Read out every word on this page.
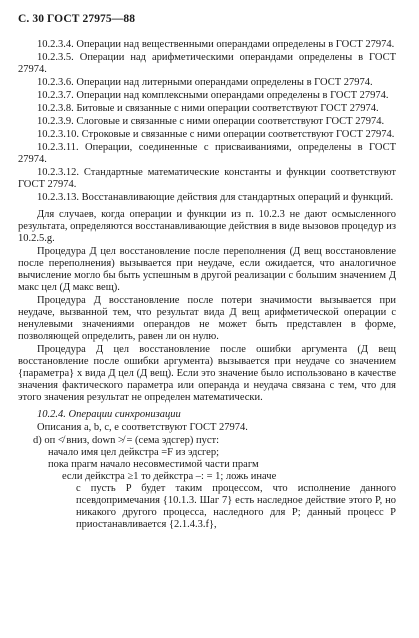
С. 30 ГОСТ 27975—88

10.2.3.4. Операции над вещественными операндами определены в ГОСТ 27974.

10.2.3.5. Операции над арифметическими операндами определены в ГОСТ 27974.

10.2.3.6. Операции над литерными операндами определены в ГОСТ 27974.

10.2.3.7. Операции над комплексными операндами определены в ГОСТ 27974.

10.2.3.8. Битовые и связанные с ними операции соответствуют ГОСТ 27974.

10.2.3.9. Слоговые и связанные с ними операции соответствуют ГОСТ 27974.

10.2.3.10. Строковые и связанные с ними операции соответствуют ГОСТ 27974.

10.2.3.11. Операции, соединенные с присваиваниями, определены в ГОСТ 27974.

10.2.3.12. Стандартные математические константы и функции соответствуют ГОСТ 27974.

10.2.3.13. Восстанавливающие действия для стандартных операций и функций.

Для случаев, когда операции и функции из п. 10.2.3 не дают осмысленного результата, определяются восстанавливающие действия в виде вызовов процедур из 10.2.5.g.

Процедура Д цел восстановление после переполнения (Д вещ восстановление после переполнения) вызывается при неудаче, если ожидается, что аналогичное вычисление могло бы быть успешным в другой реализации с большим значением Д макс цел (Д макс вещ).

Процедура Д восстановление после потери значимости вызывается при неудаче, вызванной тем, что результат вида Д вещ арифметической операции с ненулевыми значениями операндов не может быть представлен в форме, позволяющей определить, равен ли он нулю.

Процедура Д цел восстановление после ошибки аргумента (Д вещ восстановление после ошибки аргумента) вызывается при неудаче со значением {параметра} x вида Д цел (Д вещ). Если это значение было использовано в качестве значения фактического параметра или операнда и неудача связана с тем, что для этого значения результат не определен математически.

10.2.4. Операции синхронизации

Описания a, b, c, e соответствуют ГОСТ 27974.

d) оп ≮ вниз, down ≯ = (сема эдсгер) пуст:

начало имя цел дейкстра =F из эдсгер;

пока прагм начало несовместимой части прагм

если дейкстра ≥1 то дейкстра –: = 1; ложь иначе

с пусть P будет таким процессом, что исполнение данного псевдопримечания {10.1.3. Шаг 7} есть наследное действие этого P, но никакого другого процесса, наследного для P; данный процесс P приостанавливается {2.1.4.3.f},
